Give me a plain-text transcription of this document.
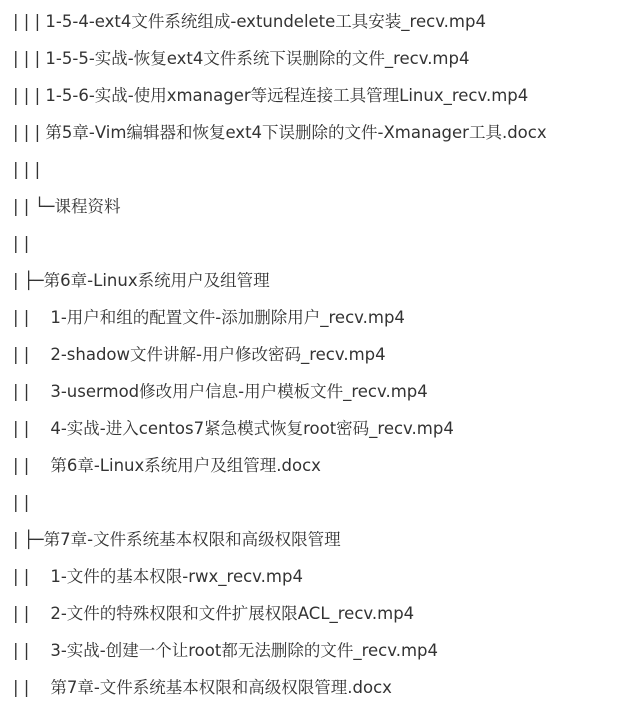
| | | 1-5-4-ext4文件系统组成-extundelete工具安装_recv.mp4
| | | 1-5-5-实战-恢复ext4文件系统下误删除的文件_recv.mp4
| | | 1-5-6-实战-使用xmanager等远程连接工具管理Linux_recv.mp4
| | | 第5章-Vim编辑器和恢复ext4下误删除的文件-Xmanager工具.docx
| | |
| | └─课程资料
| |
| ├─第6章-Linux系统用户及组管理
| |    1-用户和组的配置文件-添加删除用户_recv.mp4
| |    2-shadow文件讲解-用户修改密码_recv.mp4
| |    3-usermod修改用户信息-用户模板文件_recv.mp4
| |    4-实战-进入centos7紧急模式恢复root密码_recv.mp4
| |    第6章-Linux系统用户及组管理.docx
| |
| ├─第7章-文件系统基本权限和高级权限管理
| |    1-文件的基本权限-rwx_recv.mp4
| |    2-文件的特殊权限和文件扩展权限ACL_recv.mp4
| |    3-实战-创建一个让root都无法删除的文件_recv.mp4
| |    第7章-文件系统基本权限和高级权限管理.docx
